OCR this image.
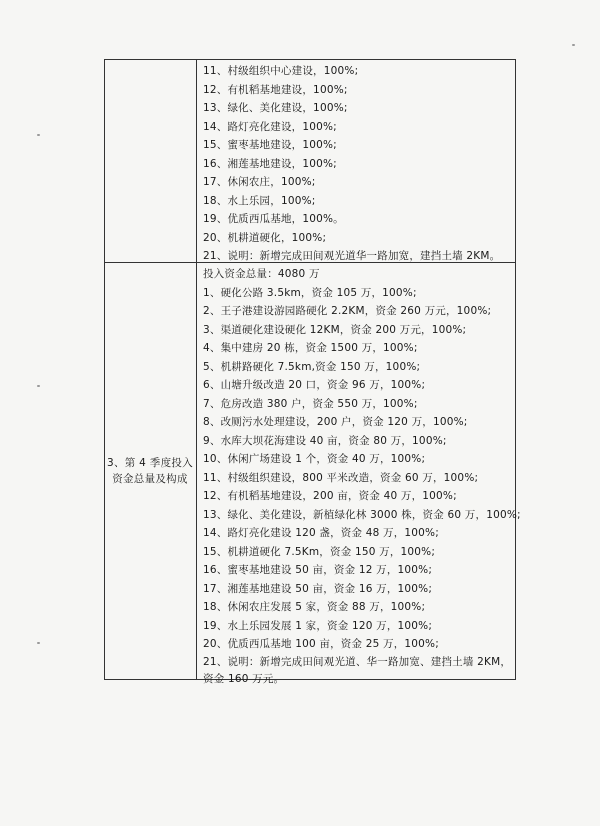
11、村级组织中心建设，100%;
12、有机稻基地建设，100%;
13、绿化、美化建设，100%;
14、路灯亮化建设，100%;
15、蜜枣基地建设，100%;
16、湘莲基地建设，100%;
17、休闲农庄，100%;
18、水上乐园，100%;
19、优质西瓜基地，100%。
20、机耕道硬化，100%;
21、说明：新增完成田间观光道华一路加宽，建挡土墙 2KM。
3、第 4 季度投入资金总量及构成
投入资金总量：4080 万
1、硬化公路 3.5km，资金 105 万，100%;
2、王子港建设游园路硬化 2.2KM，资金 260 万元，100%;
3、渠道硬化建设硬化 12KM，资金 200 万元，100%;
4、集中建房 20 栋，资金 1500 万，100%;
5、机耕路硬化 7.5km,资金 150 万，100%;
6、山塘升级改造 20 口，资金 96 万，100%;
7、危房改造 380 户，资金 550 万，100%;
8、改厕污水处理建设，200 户，资金 120 万，100%;
9、水库大坝花海建设 40 亩，资金 80 万，100%;
10、休闲广场建设 1 个，资金 40 万，100%;
11、村级组织建设，800 平米改造，资金 60 万，100%;
12、有机稻基地建设，200 亩，资金 40 万，100%;
13、绿化、美化建设，新植绿化林 3000 株，资金 60 万，100%;
14、路灯亮化建设 120 盏，资金 48 万，100%;
15、机耕道硬化 7.5Km，资金 150 万，100%;
16、蜜枣基地建设 50 亩，资金 12 万，100%;
17、湘莲基地建设 50 亩，资金 16 万，100%;
18、休闲农庄发展 5 家，资金 88 万，100%;
19、水上乐园发展 1 家，资金 120 万，100%;
20、优质西瓜基地 100 亩，资金 25 万，100%;
21、说明：新增完成田间观光道、华一路加宽、建挡土墙 2KM，资金 160 万元。
